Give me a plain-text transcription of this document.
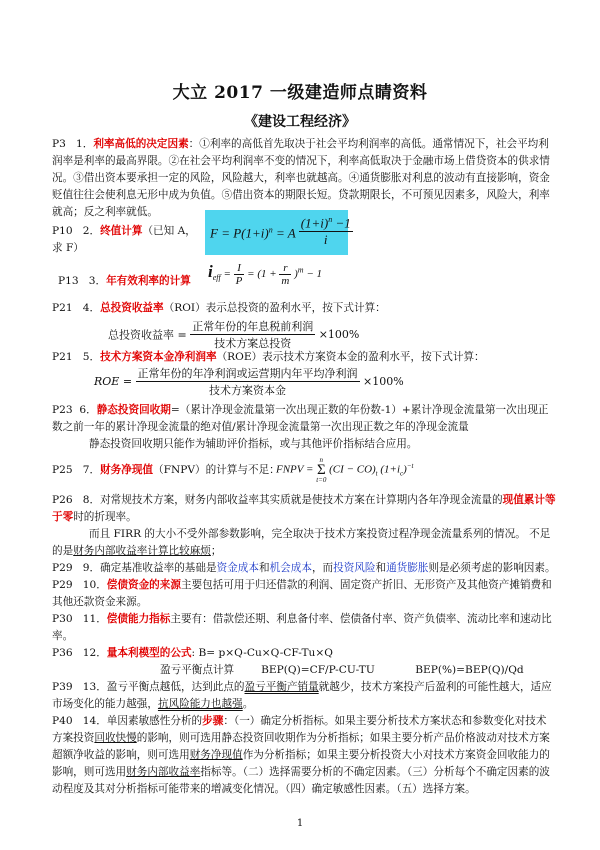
大立 2017 一级建造师点睛资料
《建设工程经济》

P3 1．利率高低的决定因素：①利率的高低首先取决于社会平均利润率的高低。通常情况下，社会平均利润率是利率的最高界限。②在社会平均利润率不变的情况下，利率高低取决于金融市场上借贷资本的供求情况。③借出资本要承担一定的风险，风险越大，利率也就越高。④通货膨胀对利息的波动有直接影响，资金贬值往往会使利息无形中成为负值。⑤借出资本的期限长短。贷款期限长，不可预见因素多，风险大，利率就高；反之利率就低。

P10 2．终值计算（已知 A，求 F）
$F = P(1+i)^n = A \frac{(1+i)^n -1}{i}$
P13 3．年有效利率的计算	$i_{eff} = \frac{I}{P} = (1 + \frac{r}{m} )^m - 1$
P21 4．总投资收益率（ROI）表示总投资的盈利水平，按下式计算：
总投资收益率 = $\frac{\text{正常年份的年息税前利润}}{\text{技术方案总投资}} \times 100\%$
P21 5．技术方案资本金净利润率（ROE）表示技术方案资本金的盈利水平，按下式计算：
ROE = $\frac{\text{正常年份的年净利润或运营期内年平均净利润}}{\text{技术方案资本金}} \times 100\%$

P23 6．静态投资回收期=（累计净现金流量第一次出现正数的年份数-1）+累计净现金流量第一次出现正数之前一年的累计净现金流量的绝对值/累计净现金流量第一次出现正数之年的净现金流量

静态投资回收期只能作为辅助评价指标，或与其他评价指标结合应用。

P25 7．财务净现值（FNPV）的计算与不足：
FNPV =
n
Σ
t=0
$(CI - CO)_t$ $(1+i_c)^{-t}$

P26 8．对常规技术方案，财务内部收益率其实质就是使技术方案在计算期内各年净现金流量的现值累计等于零时的折现率。

而且 FIRR 的大小不受外部参数影响，完全取决于技术方案投资过程净现金流量系列的情况。 不足的是财务内部收益率计算比较麻烦；

P29 9．确定基准收益率的基础是资金成本和机会成本，而投资风险和通货膨胀则是必须考虑的影响因素。
P29 10．偿债资金的来源主要包括可用于归还借款的利润、固定资产折旧、无形资产及其他资产摊销费和其他还款资金来源。
P30 11．偿债能力指标主要有：借款偿还期、利息备付率、偿债备付率、资产负债率、流动比率和速动比率。
P36 12．量本利模型的公式: B= p×Q-Cu×Q-CF-Tu×Q
盈亏平衡点计算	BEP(Q)=CF/P-CU-TU	BEP(%)=BEP(Q)/Qd
P39 13．盈亏平衡点越低，达到此点的盈亏平衡产销量就越少，技术方案投产后盈利的可能性越大，适应市场变化的能力越强，抗风险能力也越强。
P40 14．单因素敏感性分析的步骤：（一）确定分析指标。如果主要分析技术方案状态和参数变化对技术方案投资回收快慢的影响，则可选用静态投资回收期作为分析指标；如果主要分析产品价格波动对技术方案超额净收益的影响，则可选用财务净现值作为分析指标；如果主要分析投资大小对技术方案资金回收能力的影响，则可选用财务内部收益率指标等。（二）选择需要分析的不确定因素。（三）分析每个不确定因素的波动程度及其对分析指标可能带来的增减变化情况。（四）确定敏感性因素。（五）选择方案。
1
